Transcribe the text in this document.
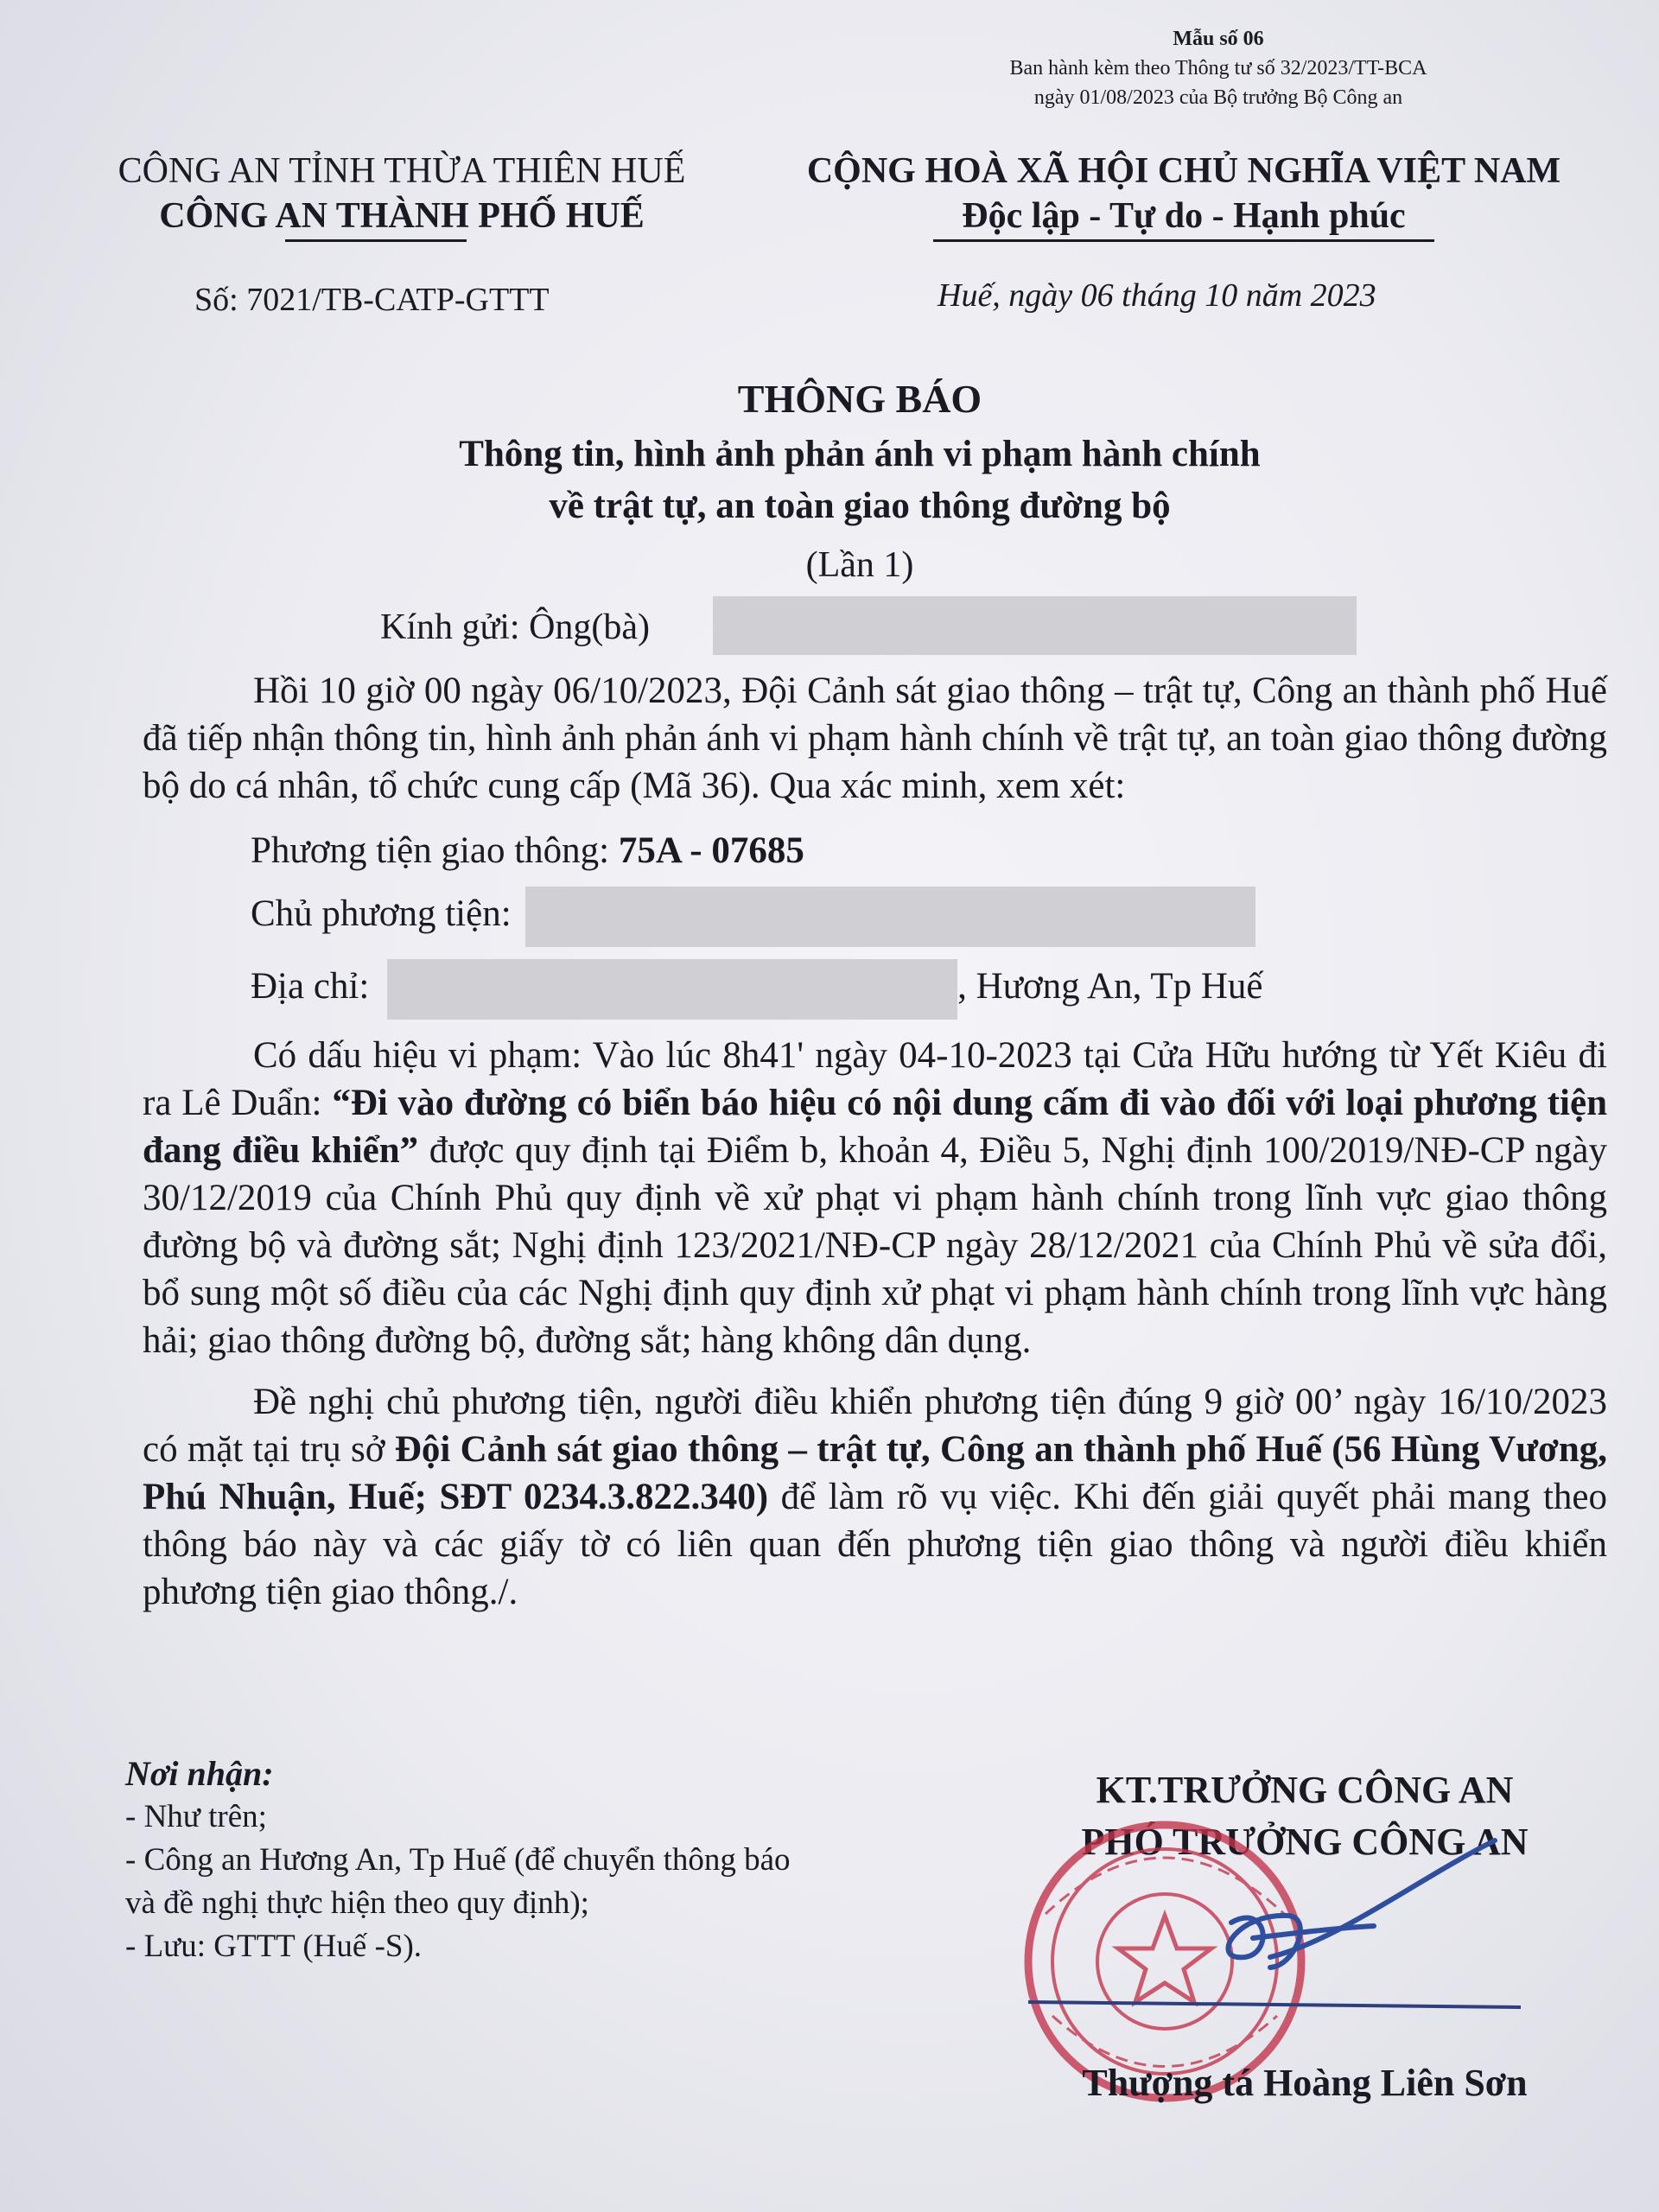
Mẫu số 06
Ban hành kèm theo Thông tư số 32/2023/TT-BCA
ngày 01/08/2023 của Bộ trưởng Bộ Công an
CÔNG AN TỈNH THỪA THIÊN HUẾ
CÔNG AN THÀNH PHỐ HUẾ
CỘNG HOÀ XÃ HỘI CHỦ NGHĨA VIỆT NAM
Độc lập - Tự do - Hạnh phúc
Số: 7021/TB-CATP-GTTT	Huế, ngày 06 tháng 10 năm 2023
THÔNG BÁO
Thông tin, hình ảnh phản ánh vi phạm hành chính
về trật tự, an toàn giao thông đường bộ
(Lần 1)
Kính gửi: Ông(bà)

Hồi 10 giờ 00 ngày 06/10/2023, Đội Cảnh sát giao thông – trật tự, Công an thành phố Huế đã tiếp nhận thông tin, hình ảnh phản ánh vi phạm hành chính về trật tự, an toàn giao thông đường bộ do cá nhân, tổ chức cung cấp (Mã 36). Qua xác minh, xem xét:

Phương tiện giao thông: 75A - 07685
Chủ phương tiện:
Địa chỉ:	, Hương An, Tp Huế

Có dấu hiệu vi phạm: Vào lúc 8h41' ngày 04-10-2023 tại Cửa Hữu hướng từ Yết Kiêu đi ra Lê Duẩn: “Đi vào đường có biển báo hiệu có nội dung cấm đi vào đối với loại phương tiện đang điều khiển” được quy định tại Điểm b, khoản 4, Điều 5, Nghị định 100/2019/NĐ-CP ngày 30/12/2019 của Chính Phủ quy định về xử phạt vi phạm hành chính trong lĩnh vực giao thông đường bộ và đường sắt; Nghị định 123/2021/NĐ-CP ngày 28/12/2021 của Chính Phủ về sửa đổi, bổ sung một số điều của các Nghị định quy định xử phạt vi phạm hành chính trong lĩnh vực hàng hải; giao thông đường bộ, đường sắt; hàng không dân dụng.

Đề nghị chủ phương tiện, người điều khiển phương tiện đúng 9 giờ 00’ ngày 16/10/2023 có mặt tại trụ sở Đội Cảnh sát giao thông – trật tự, Công an thành phố Huế (56 Hùng Vương, Phú Nhuận, Huế; SĐT 0234.3.822.340) để làm rõ vụ việc. Khi đến giải quyết phải mang theo thông báo này và các giấy tờ có liên quan đến phương tiện giao thông và người điều khiển phương tiện giao thông./.

Nơi nhận:
- Như trên;
- Công an Hương An, Tp Huế (để chuyển thông báo
và đề nghị thực hiện theo quy định);
- Lưu: GTTT (Huế -S).
KT.TRƯỞNG CÔNG AN
PHÓ TRƯỞNG CÔNG AN
Thượng tá Hoàng Liên Sơn
